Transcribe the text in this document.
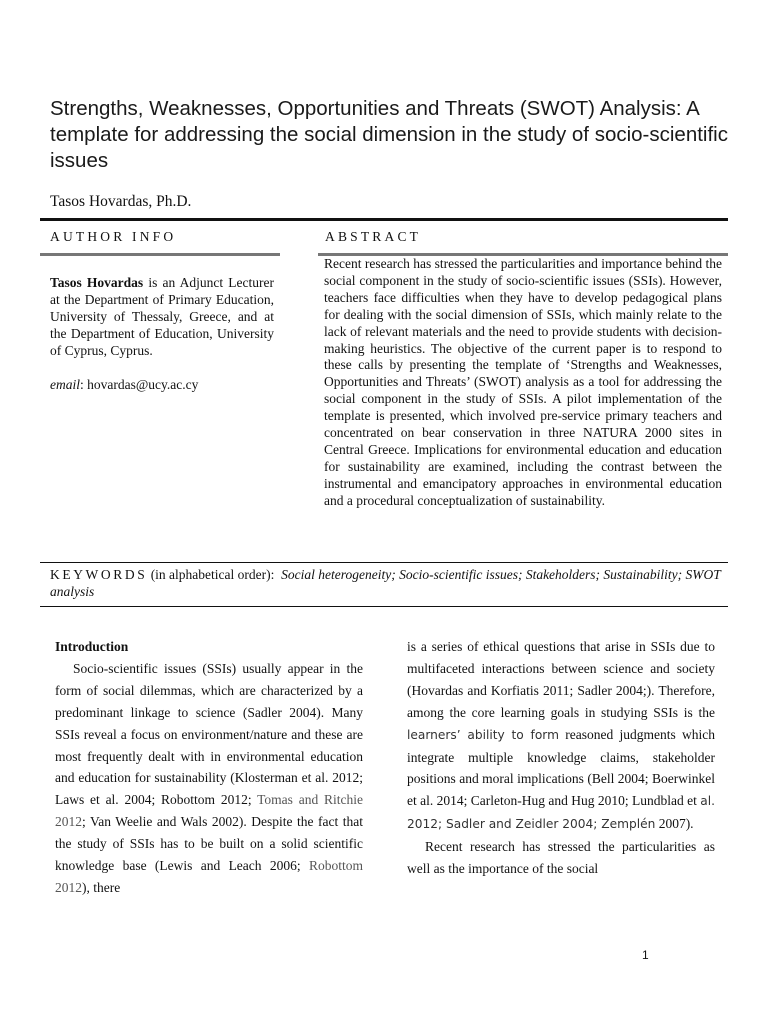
Strengths, Weaknesses, Opportunities and Threats (SWOT) Analysis: A template for addressing the social dimension in the study of socio-scientific issues
Tasos Hovardas, Ph.D.
AUTHOR INFO	ABSTRACT

Tasos Hovardas is an Adjunct Lecturer at the Department of Primary Education, University of Thessaly, Greece, and at the Department of Education, University of Cyprus, Cyprus.

email: hovardas@ucy.ac.cy

Recent research has stressed the particularities and importance behind the social component in the study of socio-scientific issues (SSIs). However, teachers face difficulties when they have to develop pedagogical plans for dealing with the social dimension of SSIs, which mainly relate to the lack of relevant materials and the need to provide students with decision-making heuristics. The objective of the current paper is to respond to these calls by presenting the template of ‘Strengths and Weaknesses, Opportunities and Threats’ (SWOT) analysis as a tool for addressing the social component in the study of SSIs. A pilot implementation of the template is presented, which involved pre-service primary teachers and concentrated on bear conservation in three NATURA 2000 sites in Central Greece. Implications for environmental education and education for sustainability are examined, including the contrast between the instrumental and emancipatory approaches in environmental education and a procedural conceptualization of sustainability.
KEYWORDS (in alphabetical order): Social heterogeneity; Socio-scientific issues; Stakeholders; Sustainability; SWOT analysis

Introduction

Socio-scientific issues (SSIs) usually appear in the form of social dilemmas, which are characterized by a predominant linkage to science (Sadler 2004). Many SSIs reveal a focus on environment/nature and these are most frequently dealt with in environmental education and education for sustainability (Klosterman et al. 2012; Laws et al. 2004; Robottom 2012; Tomas and Ritchie 2012; Van Weelie and Wals 2002). Despite the fact that the study of SSIs has to be built on a solid scientific knowledge base (Lewis and Leach 2006; Robottom 2012), there

is a series of ethical questions that arise in SSIs due to multifaceted interactions between science and society (Hovardas and Korfiatis 2011; Sadler 2004;). Therefore, among the core learning goals in studying SSIs is the learners’ ability to form reasoned judgments which integrate multiple knowledge claims, stakeholder positions and moral implications (Bell 2004; Boerwinkel et al. 2014; Carleton-Hug and Hug 2010; Lundblad et al. 2012; Sadler and Zeidler 2004; Zemplén 2007).

Recent research has stressed the particularities as well as the importance of the social

1
